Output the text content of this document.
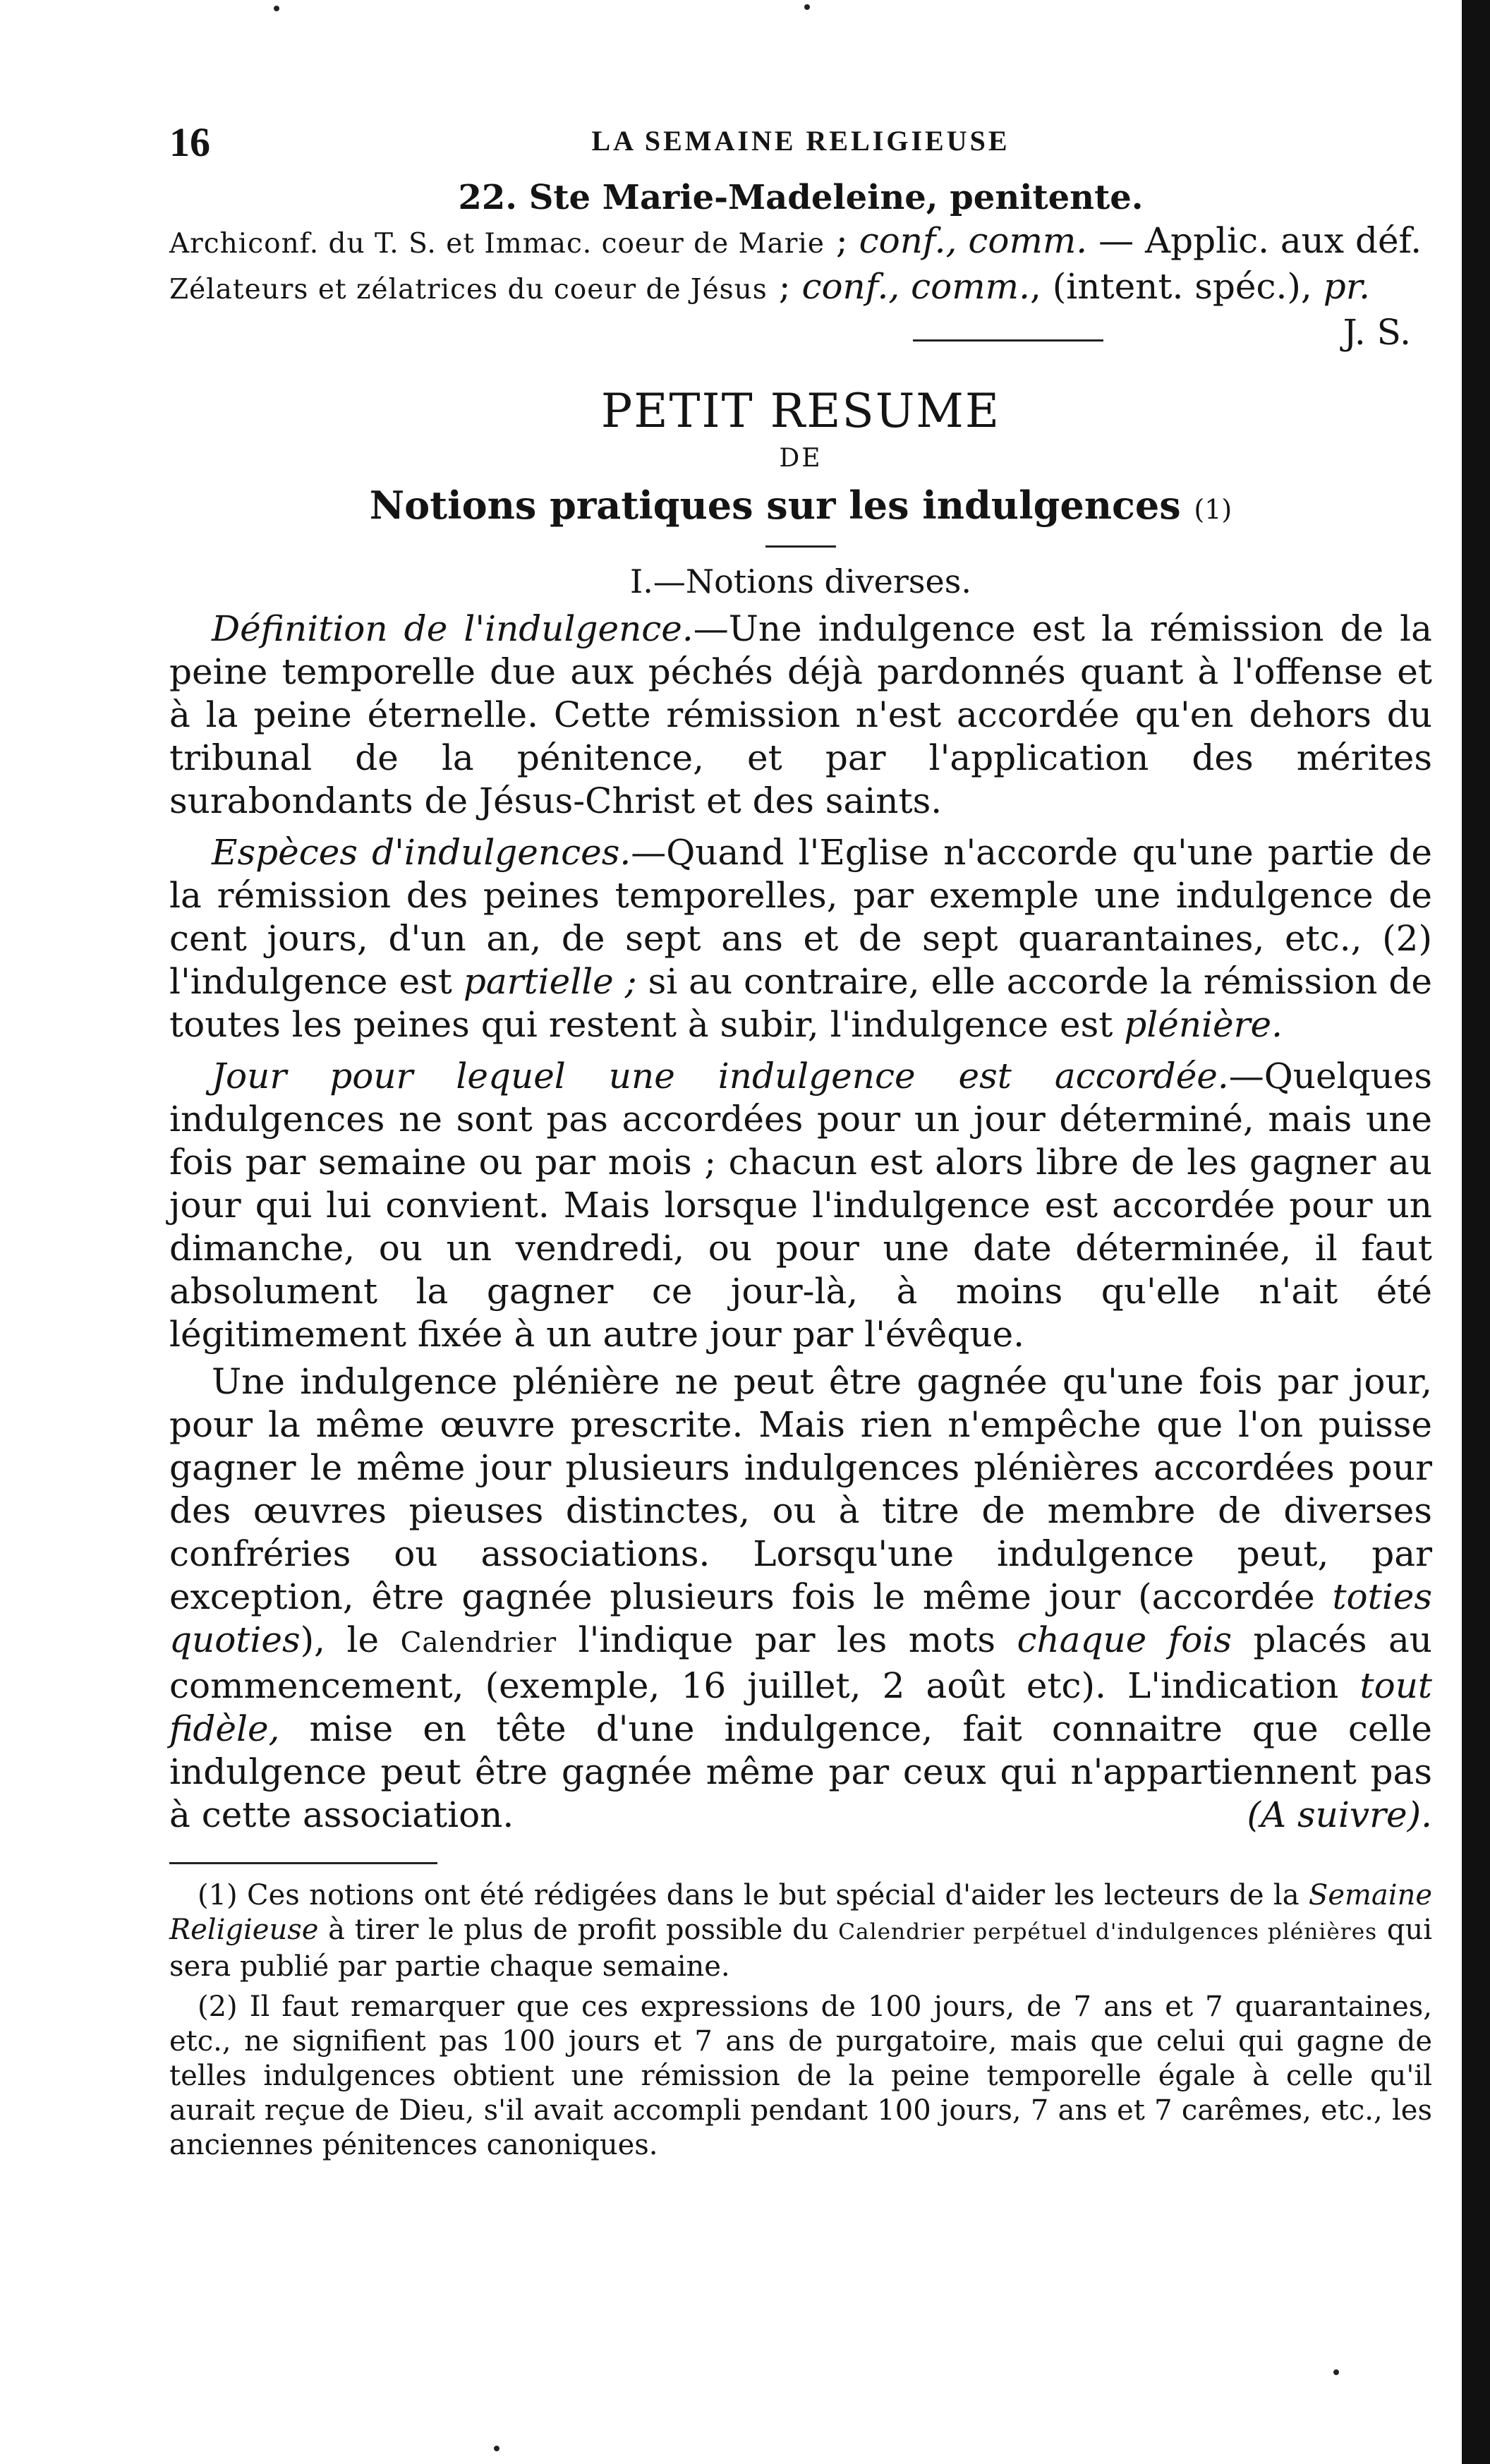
16	LA SEMAINE RELIGIEUSE

22. Ste Marie-Madeleine, penitente.

Archiconf. du T. S. et Immac. coeur de Marie ; conf., comm. — Applic. aux déf.

Zélateurs et zélatrices du coeur de Jésus ; conf., comm., (intent. spéc.), pr.

J. S.

PETIT RESUME

DE

Notions pratiques sur les indulgences (1)

I.—Notions diverses.

Définition de l'indulgence.—Une indulgence est la rémission de la peine temporelle due aux péchés déjà pardonnés quant à l'offense et à la peine éternelle. Cette rémission n'est accordée qu'en dehors du tribunal de la pénitence, et par l'application des mérites surabondants de Jésus-Christ et des saints.

Espèces d'indulgences.—Quand l'Eglise n'accorde qu'une partie de la rémission des peines temporelles, par exemple une indulgence de cent jours, d'un an, de sept ans et de sept quarantaines, etc., (2) l'indulgence est partielle ; si au contraire, elle accorde la rémission de toutes les peines qui restent à subir, l'indulgence est plénière.

Jour pour lequel une indulgence est accordée.—Quelques indulgences ne sont pas accordées pour un jour déterminé, mais une fois par semaine ou par mois ; chacun est alors libre de les gagner au jour qui lui convient. Mais lorsque l'indulgence est accordée pour un dimanche, ou un vendredi, ou pour une date déterminée, il faut absolument la gagner ce jour-là, à moins qu'elle n'ait été légitimement fixée à un autre jour par l'évêque.

Une indulgence plénière ne peut être gagnée qu'une fois par jour, pour la même œuvre prescrite. Mais rien n'empêche que l'on puisse gagner le même jour plusieurs indulgences plénières accordées pour des œuvres pieuses distinctes, ou à titre de membre de diverses confréries ou associations. Lorsqu'une indulgence peut, par exception, être gagnée plusieurs fois le même jour (accordée toties quoties), le Calendrier l'indique par les mots chaque fois placés au commencement, (exemple, 16 juillet, 2 août etc). L'indication tout fidèle, mise en tête d'une indulgence, fait connaitre que celle indulgence peut être gagnée même par ceux qui n'appartiennent pas à cette association.	(A suivre).

(1) Ces notions ont été rédigées dans le but spécial d'aider les lecteurs de la Semaine Religieuse à tirer le plus de profit possible du Calendrier perpétuel d'indulgences plénières qui sera publié par partie chaque semaine.

(2) Il faut remarquer que ces expressions de 100 jours, de 7 ans et 7 quarantaines, etc., ne signifient pas 100 jours et 7 ans de purgatoire, mais que celui qui gagne de telles indulgences obtient une rémission de la peine temporelle égale à celle qu'il aurait reçue de Dieu, s'il avait accompli pendant 100 jours, 7 ans et 7 carêmes, etc., les anciennes pénitences canoniques.
